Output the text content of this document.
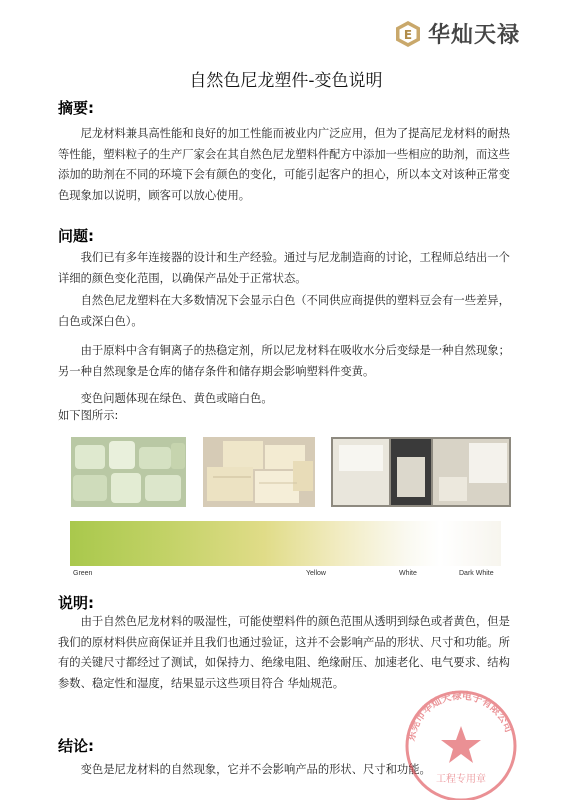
E 华灿天禄
自然色尼龙塑件-变色说明
摘要:

尼龙材料兼具高性能和良好的加工性能而被业内广泛应用，但为了提高尼龙材料的耐热等性能，塑料粒子的生产厂家会在其自然色尼龙塑料件配方中添加一些相应的助剂，而这些添加的助剂在不同的环境下会有颜色的变化，可能引起客户的担心，所以本文对该种正常变色现象加以说明，顾客可以放心使用。

问题:

我们已有多年连接器的设计和生产经验。通过与尼龙制造商的讨论，工程师总结出一个详细的颜色变化范围，以确保产品处于正常状态。

自然色尼龙塑料在大多数情况下会显示白色（不同供应商提供的塑料豆会有一些差异，白色或深白色）。

由于原料中含有铜离子的热稳定剂，所以尼龙材料在吸收水分后变绿是一种自然现象；另一种自然现象是仓库的储存条件和储存期会影响塑料件变黄。

变色问题体现在绿色、黄色或暗白色。

如下图所示:

Green	Yellow	White	Dark White
说明:

由于自然色尼龙材料的吸湿性，可能使塑料件的颜色范围从透明到绿色或者黄色，但是我们的原材料供应商保证并且我们也通过验证，这并不会影响产品的形状、尺寸和功能。所有的关键尺寸都经过了测试，如保持力、绝缘电阻、绝缘耐压、加速老化、电气要求、结构参数、稳定性和湿度，结果显示这些项目符合 华灿规范。

结论:

变色是尼龙材料的自然现象，它并不会影响产品的形状、尺寸和功能。

东莞市华灿天禄电子有限公司
工程专用章
